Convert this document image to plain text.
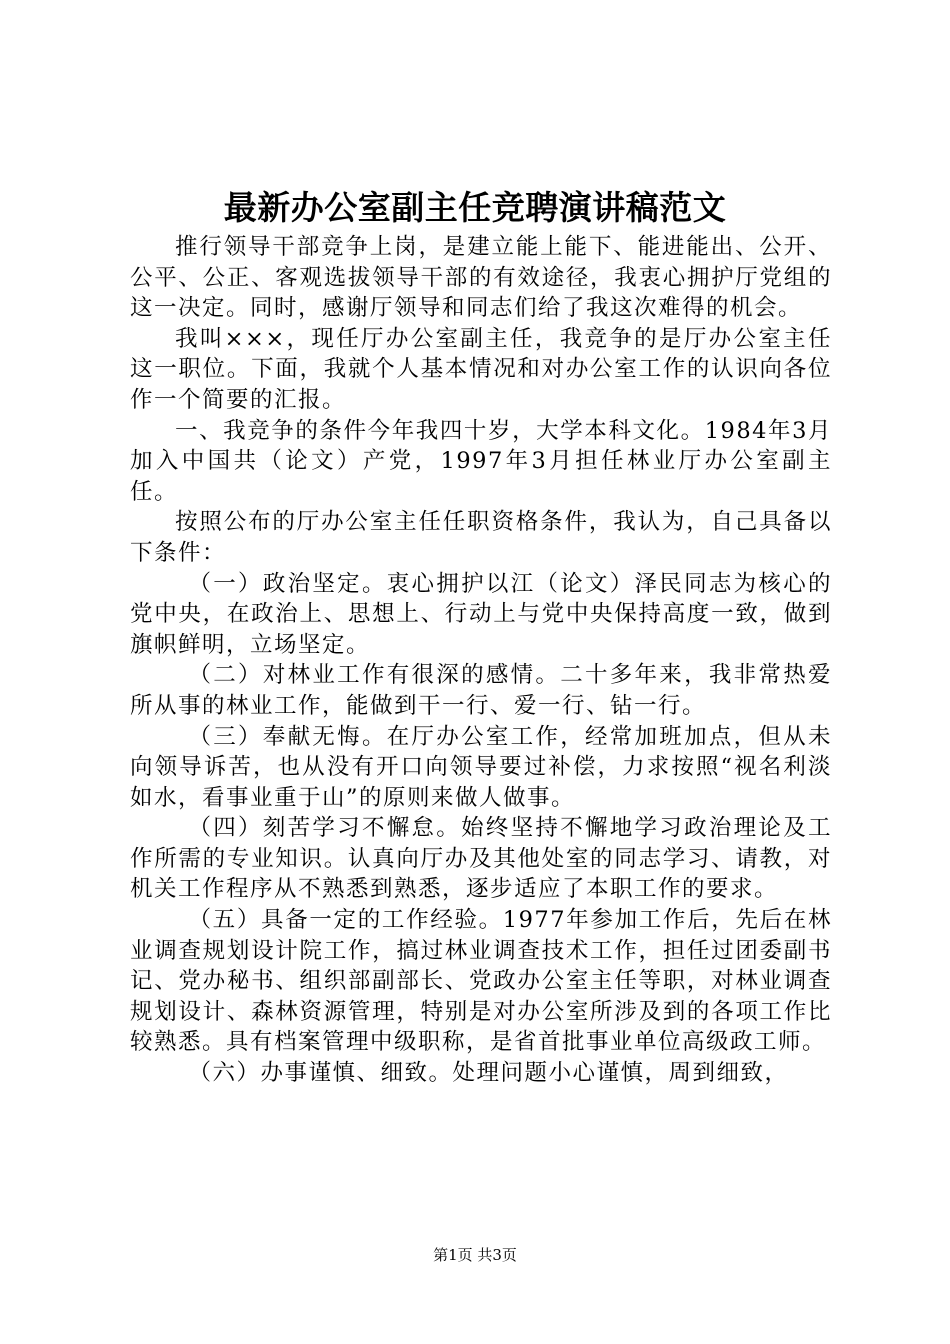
最新办公室副主任竞聘演讲稿范文

推行领导干部竞争上岗，是建立能上能下、能进能出、公开、公平、公正、客观选拔领导干部的有效途径，我衷心拥护厅党组的这一决定。同时，感谢厅领导和同志们给了我这次难得的机会。

我叫×××，现任厅办公室副主任，我竞争的是厅办公室主任这一职位。下面，我就个人基本情况和对办公室工作的认识向各位作一个简要的汇报。

一、我竞争的条件今年我四十岁，大学本科文化。1984年3月加入中国共（论文）产党，1997年3月担任林业厅办公室副主任。

按照公布的厅办公室主任任职资格条件，我认为，自己具备以下条件：

（一）政治坚定。衷心拥护以江（论文）泽民同志为核心的党中央，在政治上、思想上、行动上与党中央保持高度一致，做到旗帜鲜明，立场坚定。

（二）对林业工作有很深的感情。二十多年来，我非常热爱所从事的林业工作，能做到干一行、爱一行、钻一行。

（三）奉献无悔。在厅办公室工作，经常加班加点，但从未向领导诉苦，也从没有开口向领导要过补偿，力求按照“视名利淡如水，看事业重于山”的原则来做人做事。

（四）刻苦学习不懈怠。始终坚持不懈地学习政治理论及工作所需的专业知识。认真向厅办及其他处室的同志学习、请教，对机关工作程序从不熟悉到熟悉，逐步适应了本职工作的要求。

（五）具备一定的工作经验。1977年参加工作后，先后在林业调查规划设计院工作，搞过林业调查技术工作，担任过团委副书记、党办秘书、组织部副部长、党政办公室主任等职，对林业调查规划设计、森林资源管理，特别是对办公室所涉及到的各项工作比较熟悉。具有档案管理中级职称，是省首批事业单位高级政工师。

（六）办事谨慎、细致。处理问题小心谨慎，周到细致，

第1页 共3页
